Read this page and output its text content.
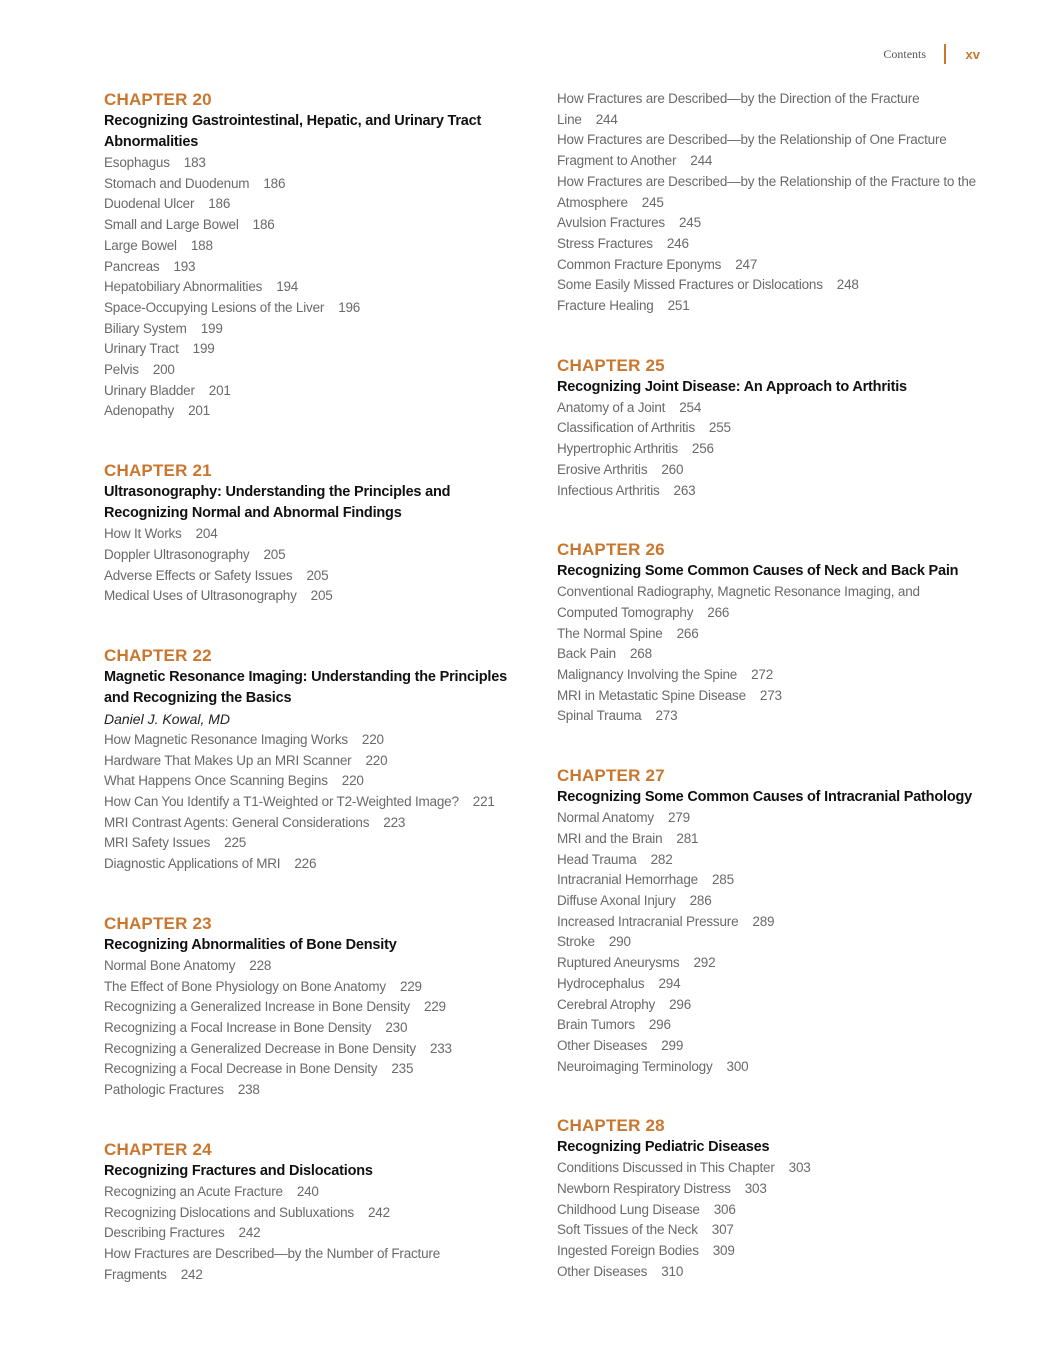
Contents	xv
CHAPTER 20
Recognizing Gastrointestinal, Hepatic, and Urinary Tract Abnormalities
Esophagus 183
Stomach and Duodenum 186
Duodenal Ulcer 186
Small and Large Bowel 186
Large Bowel 188
Pancreas 193
Hepatobiliary Abnormalities 194
Space-Occupying Lesions of the Liver 196
Biliary System 199
Urinary Tract 199
Pelvis 200
Urinary Bladder 201
Adenopathy 201
CHAPTER 21
Ultrasonography: Understanding the Principles and Recognizing Normal and Abnormal Findings
How It Works 204
Doppler Ultrasonography 205
Adverse Effects or Safety Issues 205
Medical Uses of Ultrasonography 205
CHAPTER 22
Magnetic Resonance Imaging: Understanding the Principles and Recognizing the Basics
Daniel J. Kowal, MD
How Magnetic Resonance Imaging Works 220
Hardware That Makes Up an MRI Scanner 220
What Happens Once Scanning Begins 220
How Can You Identify a T1-Weighted or T2-Weighted Image? 221
MRI Contrast Agents: General Considerations 223
MRI Safety Issues 225
Diagnostic Applications of MRI 226
CHAPTER 23
Recognizing Abnormalities of Bone Density
Normal Bone Anatomy 228
The Effect of Bone Physiology on Bone Anatomy 229
Recognizing a Generalized Increase in Bone Density 229
Recognizing a Focal Increase in Bone Density 230
Recognizing a Generalized Decrease in Bone Density 233
Recognizing a Focal Decrease in Bone Density 235
Pathologic Fractures 238
CHAPTER 24
Recognizing Fractures and Dislocations
Recognizing an Acute Fracture 240
Recognizing Dislocations and Subluxations 242
Describing Fractures 242
How Fractures are Described—by the Number of Fracture Fragments 242
How Fractures are Described—by the Direction of the Fracture Line 244
How Fractures are Described—by the Relationship of One Fracture Fragment to Another 244
How Fractures are Described—by the Relationship of the Fracture to the Atmosphere 245
Avulsion Fractures 245
Stress Fractures 246
Common Fracture Eponyms 247
Some Easily Missed Fractures or Dislocations 248
Fracture Healing 251
CHAPTER 25
Recognizing Joint Disease: An Approach to Arthritis
Anatomy of a Joint 254
Classification of Arthritis 255
Hypertrophic Arthritis 256
Erosive Arthritis 260
Infectious Arthritis 263
CHAPTER 26
Recognizing Some Common Causes of Neck and Back Pain
Conventional Radiography, Magnetic Resonance Imaging, and Computed Tomography 266
The Normal Spine 266
Back Pain 268
Malignancy Involving the Spine 272
MRI in Metastatic Spine Disease 273
Spinal Trauma 273
CHAPTER 27
Recognizing Some Common Causes of Intracranial Pathology
Normal Anatomy 279
MRI and the Brain 281
Head Trauma 282
Intracranial Hemorrhage 285
Diffuse Axonal Injury 286
Increased Intracranial Pressure 289
Stroke 290
Ruptured Aneurysms 292
Hydrocephalus 294
Cerebral Atrophy 296
Brain Tumors 296
Other Diseases 299
Neuroimaging Terminology 300
CHAPTER 28
Recognizing Pediatric Diseases
Conditions Discussed in This Chapter 303
Newborn Respiratory Distress 303
Childhood Lung Disease 306
Soft Tissues of the Neck 307
Ingested Foreign Bodies 309
Other Diseases 310
